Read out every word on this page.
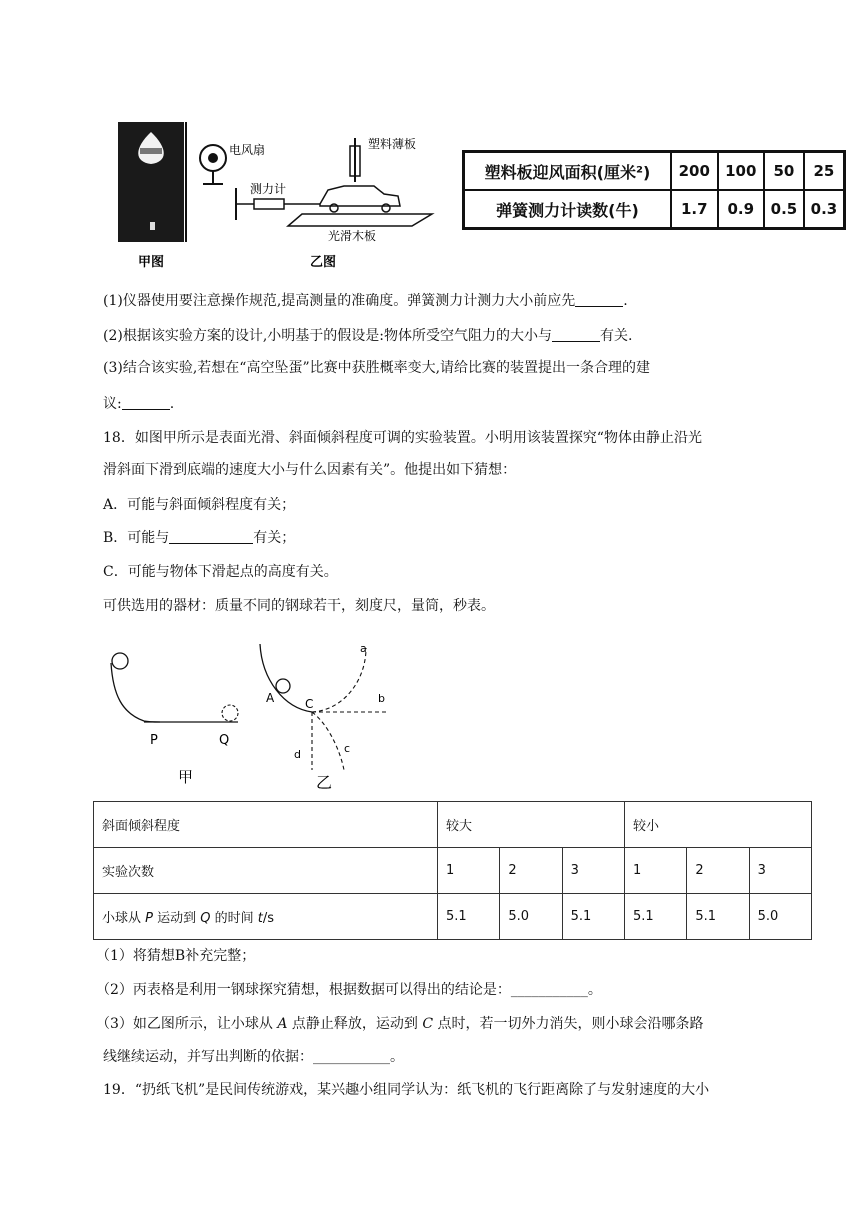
甲图
电风扇
测力计
塑料薄板
光滑木板
乙图
塑料板迎风面积(厘米²)	200	100	50	25
弹簧测力计读数(牛)	1.7	0.9	0.5	0.3
(1)仪器使用要注意操作规范,提高测量的准确度。弹簧测力计测力大小前应先	.
(2)根据该实验方案的设计,小明基于的假设是:物体所受空气阻力的大小与	有关.
(3)结合该实验,若想在“高空坠蛋”比赛中获胜概率变大,请给比赛的装置提出一条合理的建
议:	.
18．如图甲所示是表面光滑、斜面倾斜程度可调的实验装置。小明用该装置探究“物体由静止沿光
滑斜面下滑到底端的速度大小与什么因素有关”。他提出如下猜想：
A．可能与斜面倾斜程度有关；
B．可能与	有关；
C．可能与物体下滑起点的高度有关。
可供选用的器材：质量不同的钢球若干，刻度尺，量筒，秒表。
P	Q
甲
A	C
a
b
c
d
乙
斜面倾斜程度	较大			较小		
实验次数	1	2	3	1	2	3
小球从 P 运动到 Q 的时间 t/s	5.1	5.0	5.1	5.1	5.1	5.0
（1）将猜想B补充完整；
（2）丙表格是利用一钢球探究猜想，根据数据可以得出的结论是：___________。
（3）如乙图所示，让小球从 A 点静止释放，运动到 C 点时，若一切外力消失，则小球会沿哪条路
线继续运动，并写出判断的依据：___________。
19．“扔纸飞机”是民间传统游戏，某兴趣小组同学认为：纸飞机的飞行距离除了与发射速度的大小
